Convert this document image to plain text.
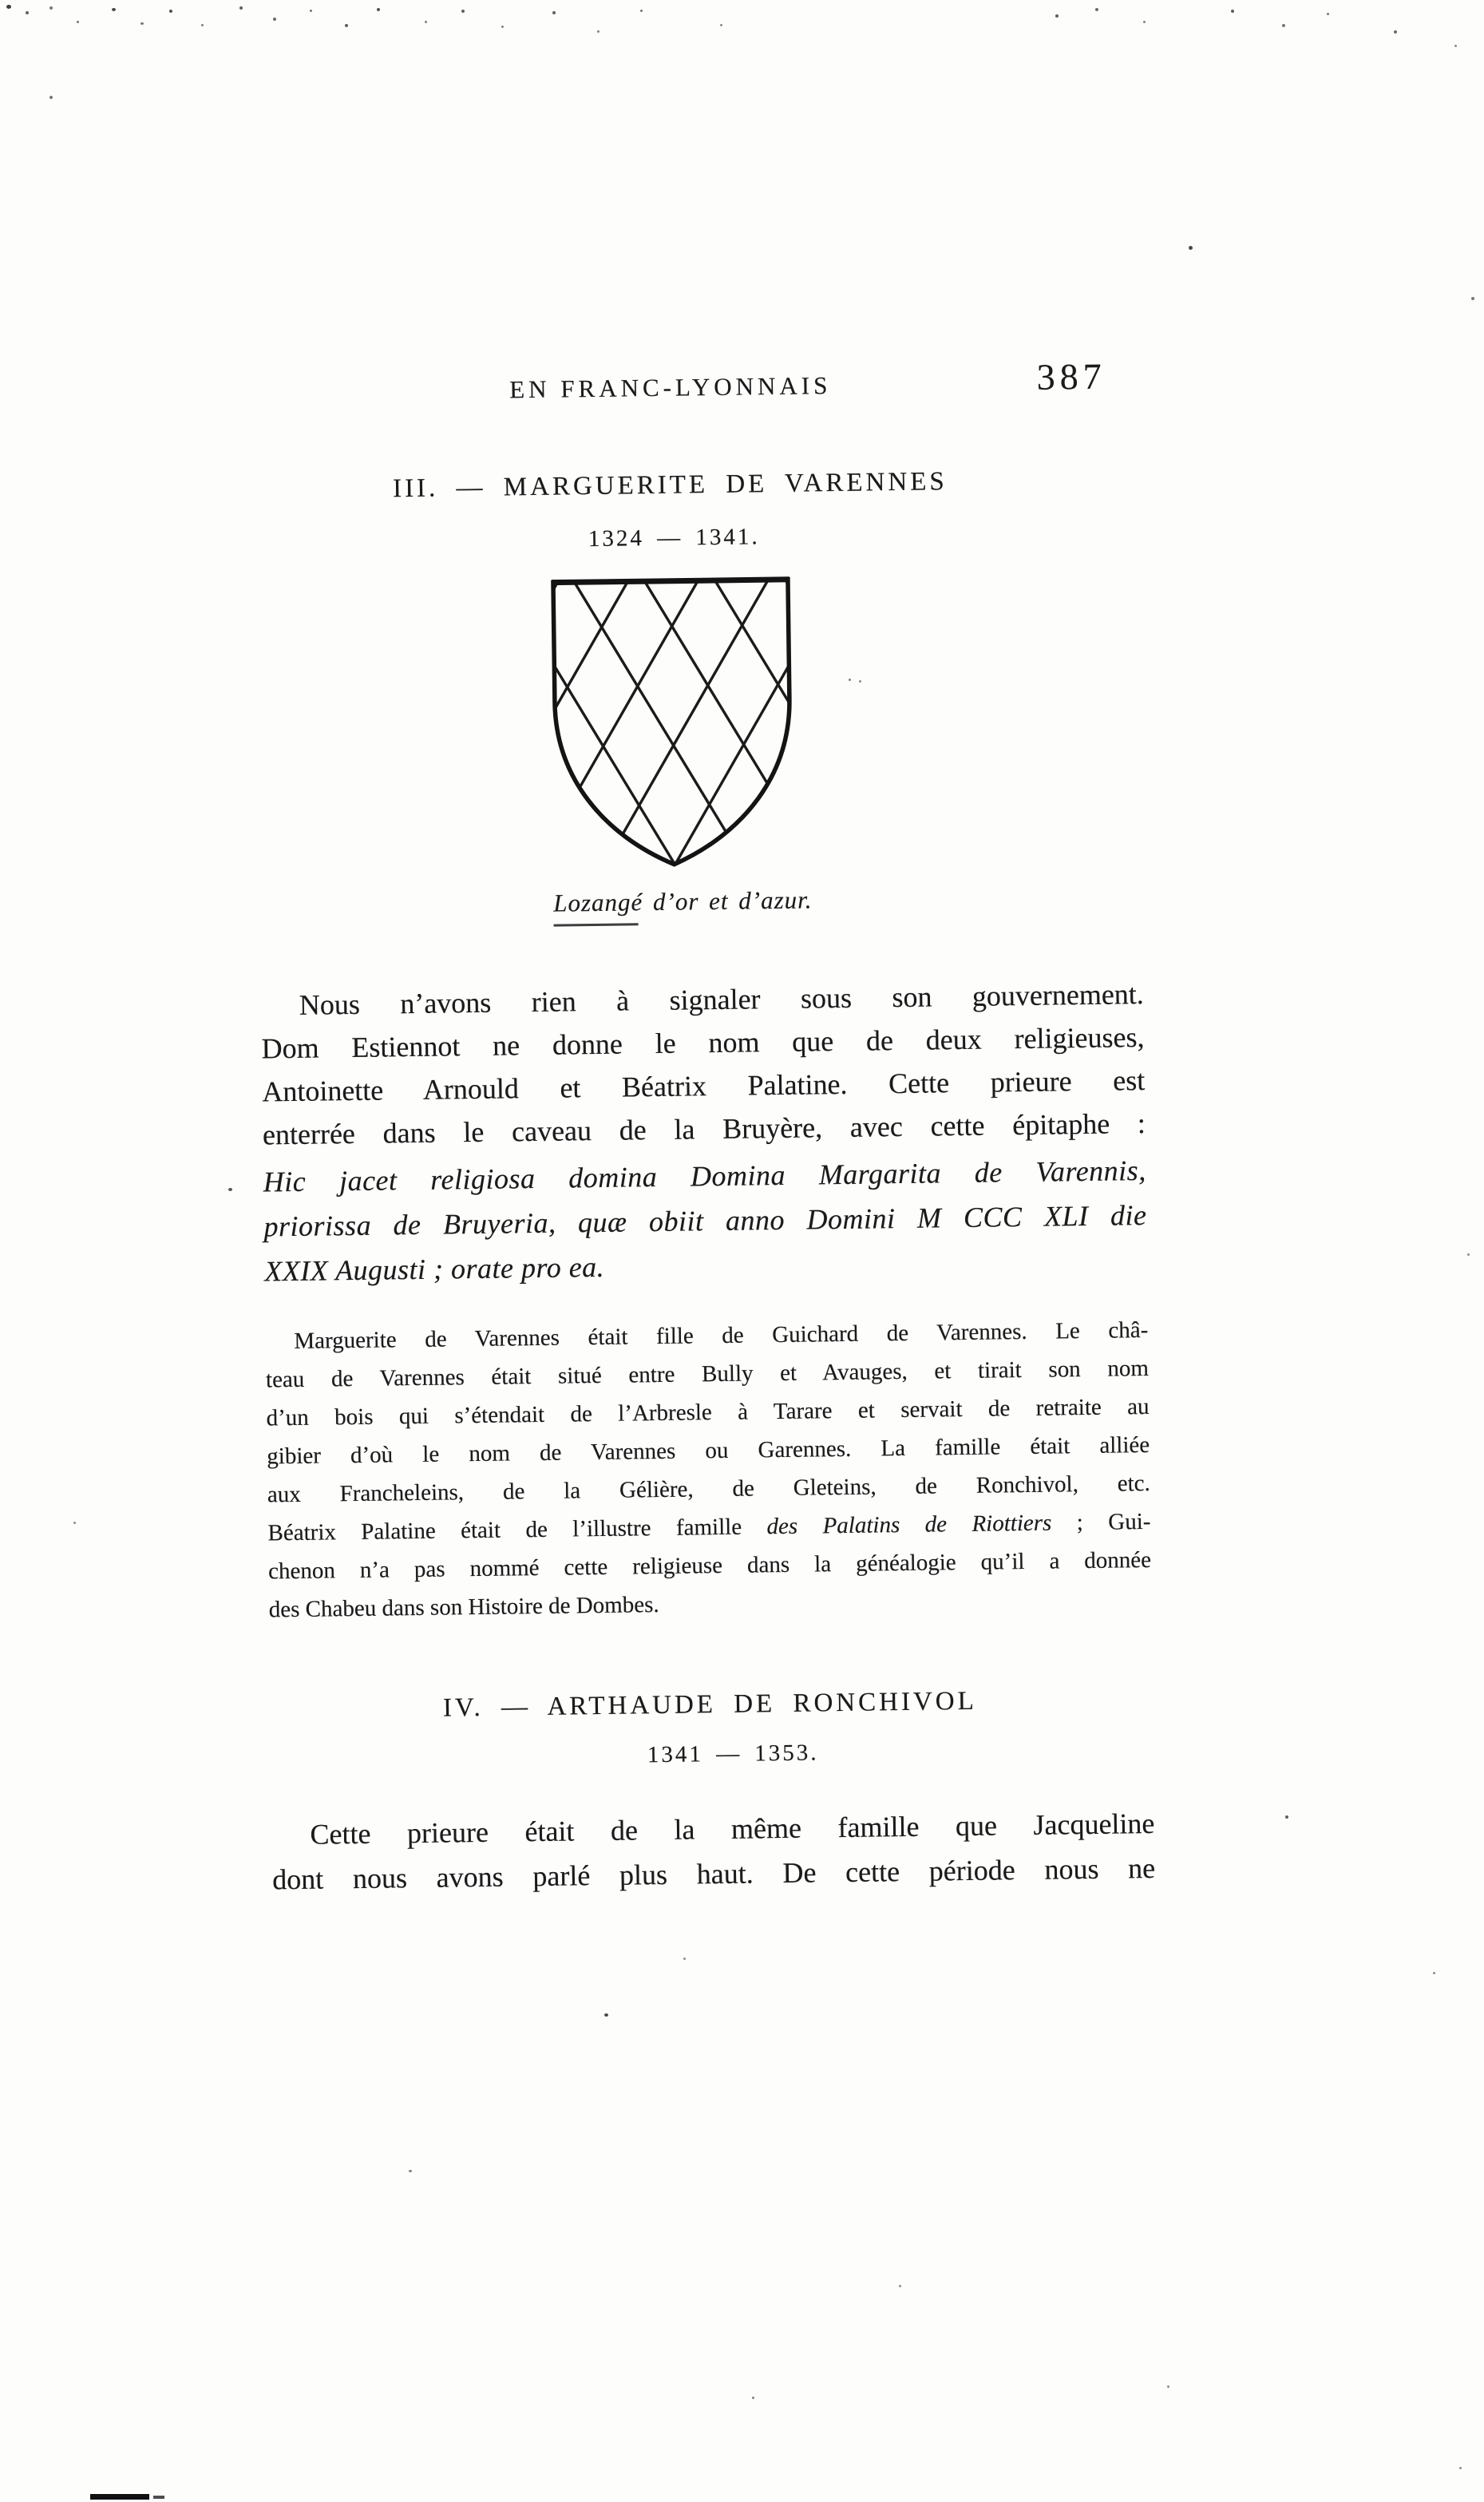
EN FRANC-LYONNAIS	387
III. — MARGUERITE DE VARENNES
1324 — 1341.
Lozangé d’or et d’azur.
Nous n’avons rien à signaler sous son gouvernement.
Dom Estiennot ne donne le nom que de deux religieuses,
Antoinette Arnould et Béatrix Palatine. Cette prieure est
enterrée dans le caveau de la Bruyère, avec cette épitaphe :
Hic jacet religiosa domina Domina Margarita de Varennis,
priorissa de Bruyeria, quæ obiit anno Domini M CCC XLI die
XXIX Augusti ; orate pro ea.
Marguerite de Varennes était fille de Guichard de Varennes. Le châ-
teau de Varennes était situé entre Bully et Avauges, et tirait son nom
d’un bois qui s’étendait de l’Arbresle à Tarare et servait de retraite au
gibier d’où le nom de Varennes ou Garennes. La famille était alliée
aux Francheleins, de la Gélière, de Gleteins, de Ronchivol, etc.
Béatrix Palatine était de l’illustre famille des Palatins de Riottiers ; Gui-
chenon n’a pas nommé cette religieuse dans la généalogie qu’il a donnée
des Chabeu dans son Histoire de Dombes.
IV. — ARTHAUDE DE RONCHIVOL
1341 — 1353.
Cette prieure était de la même famille que Jacqueline
dont nous avons parlé plus haut. De cette période nous ne
